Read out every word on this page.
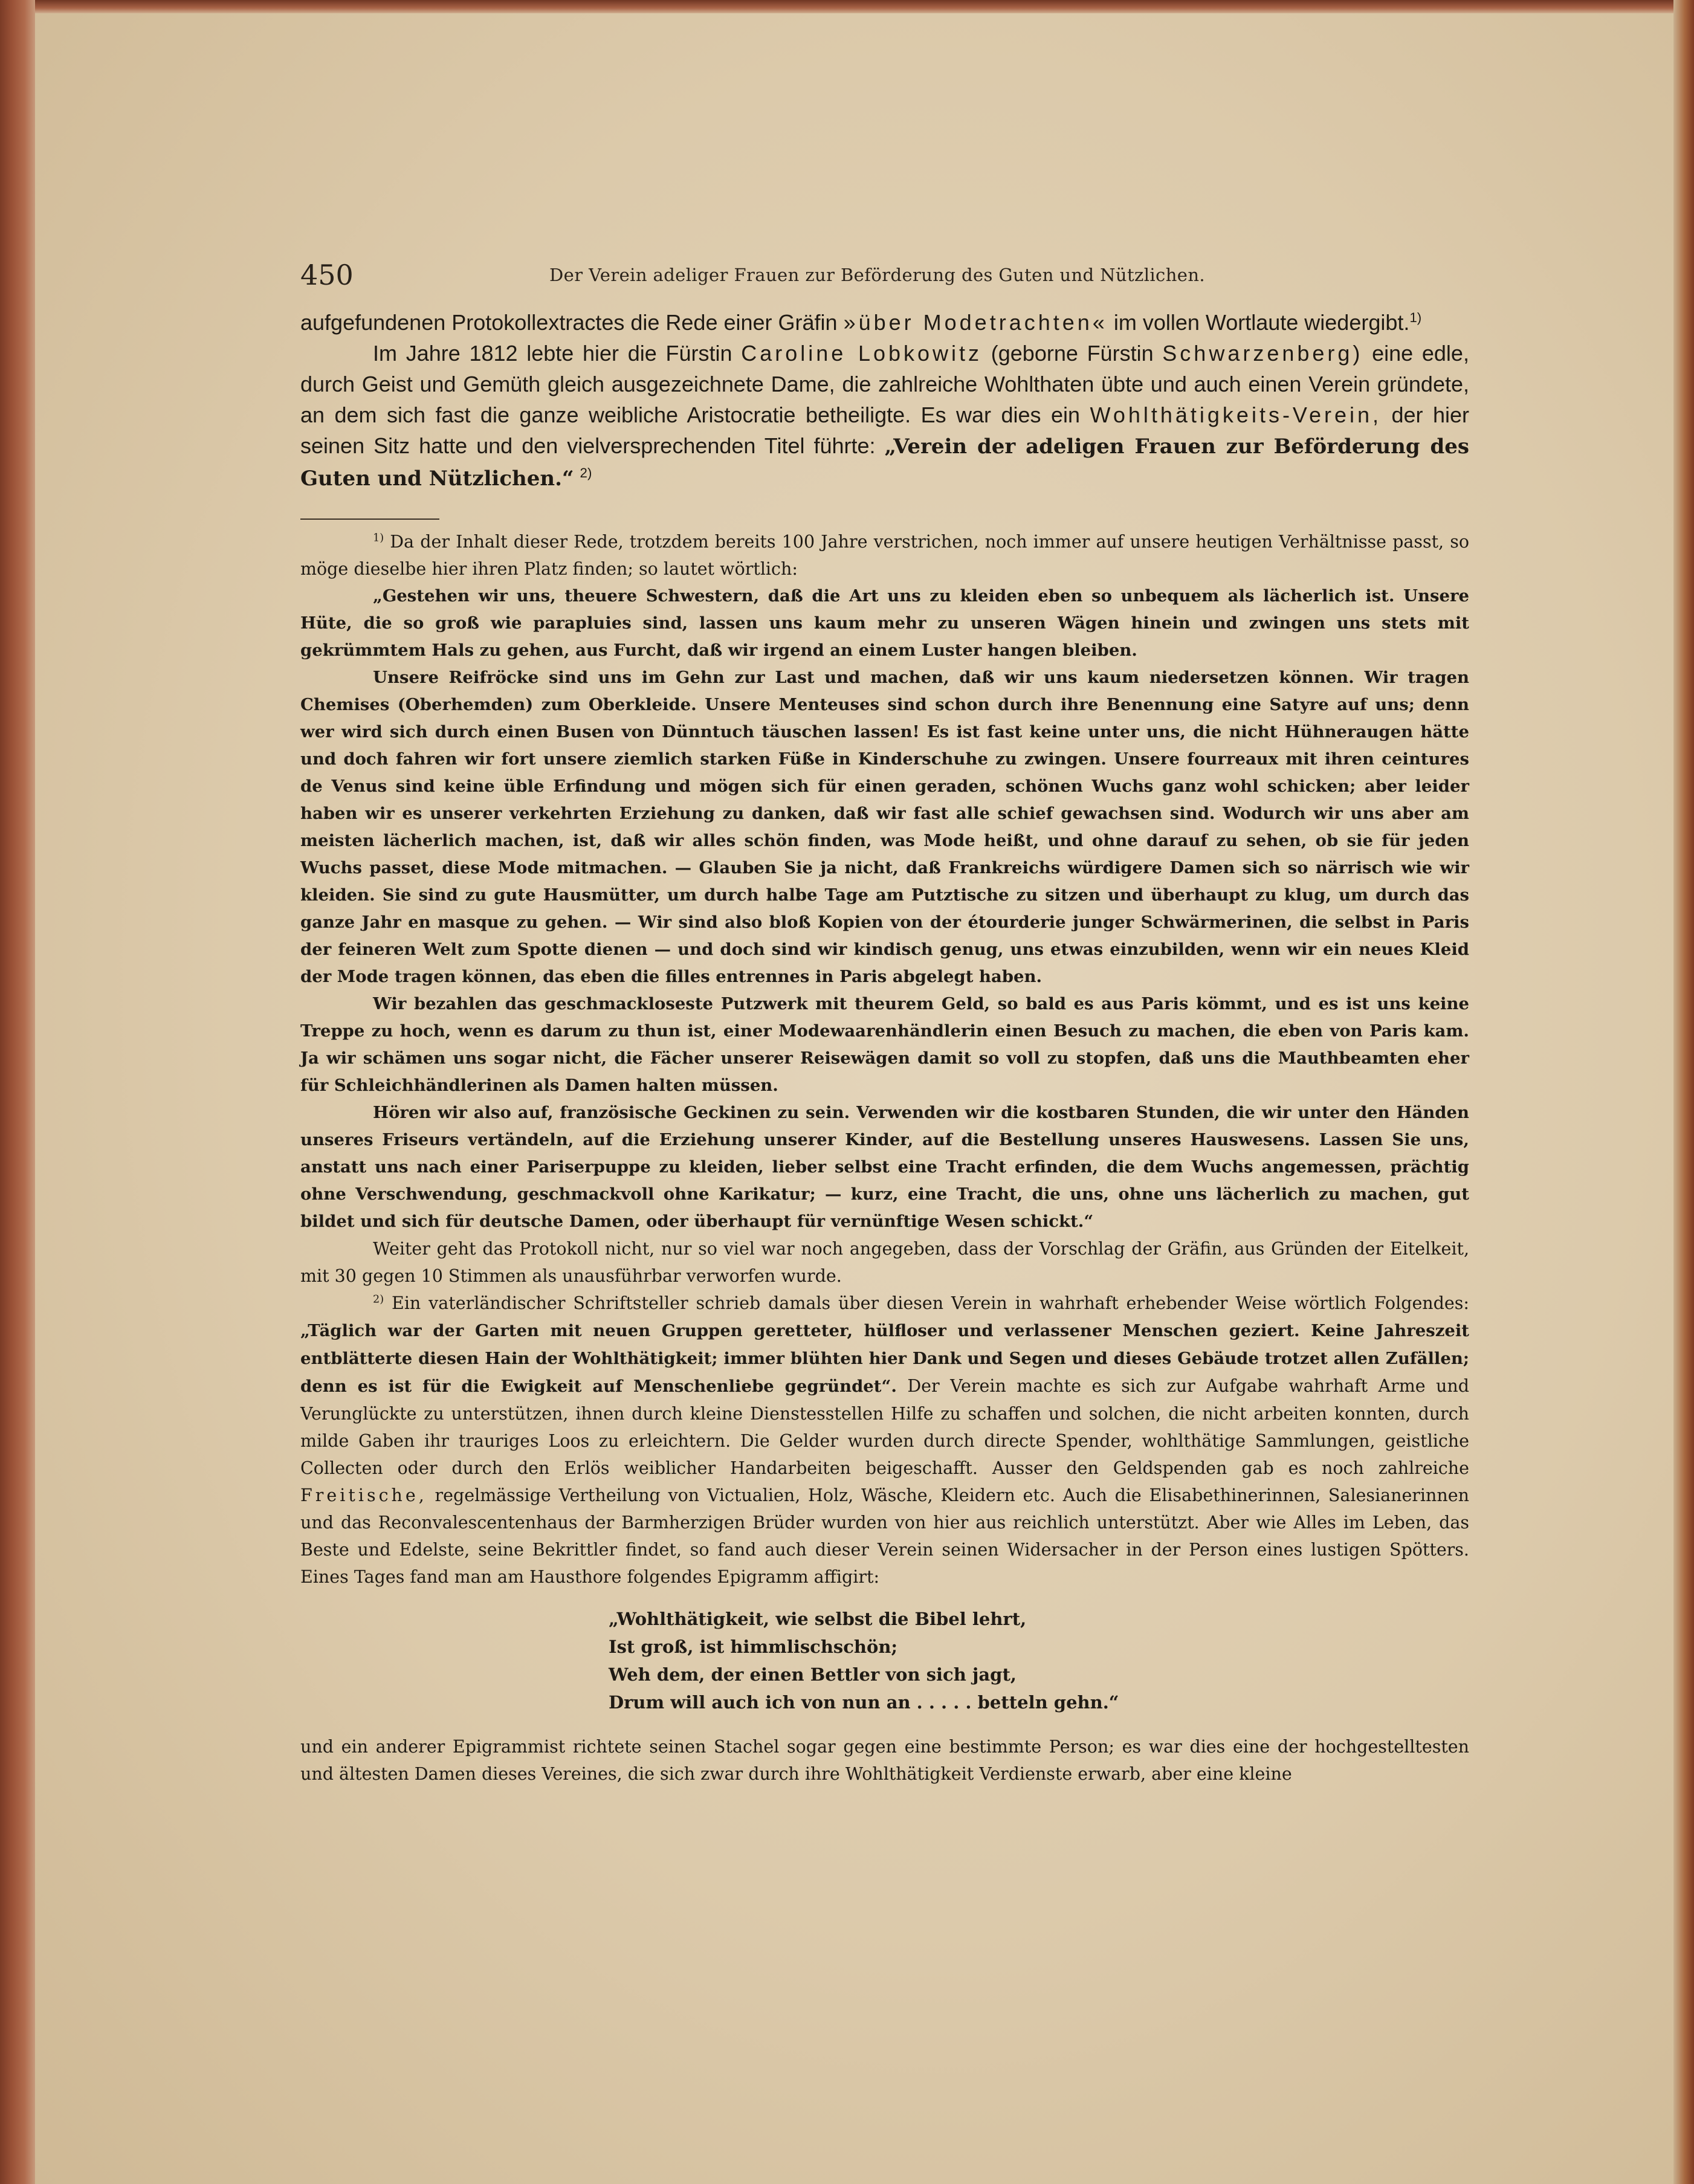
450	Der Verein adeliger Frauen zur Beförderung des Guten und Nützlichen.

aufgefundenen Protokollextractes die Rede einer Gräfin »über Modetrachten« im vollen Wortlaute wiedergibt.$^{1)}$

Im Jahre 1812 lebte hier die Fürstin Caroline Lobkowitz (geborne Fürstin Schwarzenberg) eine edle, durch Geist und Gemüth gleich ausgezeichnete Dame, die zahlreiche Wohlthaten übte und auch einen Verein gründete, an dem sich fast die ganze weibliche Aristocratie betheiligte. Es war dies ein Wohlthätigkeits-Verein, der hier seinen Sitz hatte und den vielversprechenden Titel führte: „Verein der adeligen Frauen zur Beförderung des Guten und Nützlichen.“ $^{2)}$

$^{1)}$ Da der Inhalt dieser Rede, trotzdem bereits 100 Jahre verstrichen, noch immer auf unsere heutigen Verhältnisse passt, so möge dieselbe hier ihren Platz finden; so lautet wörtlich:

„Gestehen wir uns, theuere Schwestern, daß die Art uns zu kleiden eben so unbequem als lächerlich ist. Unsere Hüte, die so groß wie parapluies sind, lassen uns kaum mehr zu unseren Wägen hinein und zwingen uns stets mit gekrümmtem Hals zu gehen, aus Furcht, daß wir irgend an einem Luster hangen bleiben.

Unsere Reifröcke sind uns im Gehn zur Last und machen, daß wir uns kaum niedersetzen können. Wir tragen Chemises (Oberhemden) zum Oberkleide. Unsere Menteuses sind schon durch ihre Benennung eine Satyre auf uns; denn wer wird sich durch einen Busen von Dünntuch täuschen lassen! Es ist fast keine unter uns, die nicht Hühneraugen hätte und doch fahren wir fort unsere ziemlich starken Füße in Kinderschuhe zu zwingen. Unsere fourreaux mit ihren ceintures de Venus sind keine üble Erfindung und mögen sich für einen geraden, schönen Wuchs ganz wohl schicken; aber leider haben wir es unserer verkehrten Erziehung zu danken, daß wir fast alle schief gewachsen sind. Wodurch wir uns aber am meisten lächerlich machen, ist, daß wir alles schön finden, was Mode heißt, und ohne darauf zu sehen, ob sie für jeden Wuchs passet, diese Mode mitmachen. — Glauben Sie ja nicht, daß Frankreichs würdigere Damen sich so närrisch wie wir kleiden. Sie sind zu gute Hausmütter, um durch halbe Tage am Putztische zu sitzen und überhaupt zu klug, um durch das ganze Jahr en masque zu gehen. — Wir sind also bloß Kopien von der étourderie junger Schwärmerinen, die selbst in Paris der feineren Welt zum Spotte dienen — und doch sind wir kindisch genug, uns etwas einzubilden, wenn wir ein neues Kleid der Mode tragen können, das eben die filles entrennes in Paris abgelegt haben.

Wir bezahlen das geschmackloseste Putzwerk mit theurem Geld, so bald es aus Paris kömmt, und es ist uns keine Treppe zu hoch, wenn es darum zu thun ist, einer Modewaarenhändlerin einen Besuch zu machen, die eben von Paris kam. Ja wir schämen uns sogar nicht, die Fächer unserer Reisewägen damit so voll zu stopfen, daß uns die Mauthbeamten eher für Schleichhändlerinen als Damen halten müssen.

Hören wir also auf, französische Geckinen zu sein. Verwenden wir die kostbaren Stunden, die wir unter den Händen unseres Friseurs vertändeln, auf die Erziehung unserer Kinder, auf die Bestellung unseres Hauswesens. Lassen Sie uns, anstatt uns nach einer Pariserpuppe zu kleiden, lieber selbst eine Tracht erfinden, die dem Wuchs angemessen, prächtig ohne Verschwendung, geschmackvoll ohne Karikatur; — kurz, eine Tracht, die uns, ohne uns lächerlich zu machen, gut bildet und sich für deutsche Damen, oder überhaupt für vernünftige Wesen schickt.“

Weiter geht das Protokoll nicht, nur so viel war noch angegeben, dass der Vorschlag der Gräfin, aus Gründen der Eitelkeit, mit 30 gegen 10 Stimmen als unausführbar verworfen wurde.

$^{2)}$ Ein vaterländischer Schriftsteller schrieb damals über diesen Verein in wahrhaft erhebender Weise wörtlich Folgendes: „Täglich war der Garten mit neuen Gruppen geretteter, hülfloser und verlassener Menschen geziert. Keine Jahreszeit entblätterte diesen Hain der Wohlthätigkeit; immer blühten hier Dank und Segen und dieses Gebäude trotzet allen Zufällen; denn es ist für die Ewigkeit auf Menschenliebe gegründet“. Der Verein machte es sich zur Aufgabe wahrhaft Arme und Verunglückte zu unterstützen, ihnen durch kleine Dienstesstellen Hilfe zu schaffen und solchen, die nicht arbeiten konnten, durch milde Gaben ihr trauriges Loos zu erleichtern. Die Gelder wurden durch directe Spender, wohlthätige Sammlungen, geistliche Collecten oder durch den Erlös weiblicher Handarbeiten beigeschafft. Ausser den Geldspenden gab es noch zahlreiche Freitische, regelmässige Vertheilung von Victualien, Holz, Wäsche, Kleidern etc. Auch die Elisabethinerinnen, Salesianerinnen und das Reconvalescentenhaus der Barmherzigen Brüder wurden von hier aus reichlich unterstützt. Aber wie Alles im Leben, das Beste und Edelste, seine Bekrittler findet, so fand auch dieser Verein seinen Widersacher in der Person eines lustigen Spötters. Eines Tages fand man am Hausthore folgendes Epigramm affigirt:

„Wohlthätigkeit, wie selbst die Bibel lehrt,
Ist groß, ist himmlischschön;
Weh dem, der einen Bettler von sich jagt,
Drum will auch ich von nun an . . . . . betteln gehn.“

und ein anderer Epigrammist richtete seinen Stachel sogar gegen eine bestimmte Person; es war dies eine der hochgestelltesten und ältesten Damen dieses Vereines, die sich zwar durch ihre Wohlthätigkeit Verdienste erwarb, aber eine kleine
